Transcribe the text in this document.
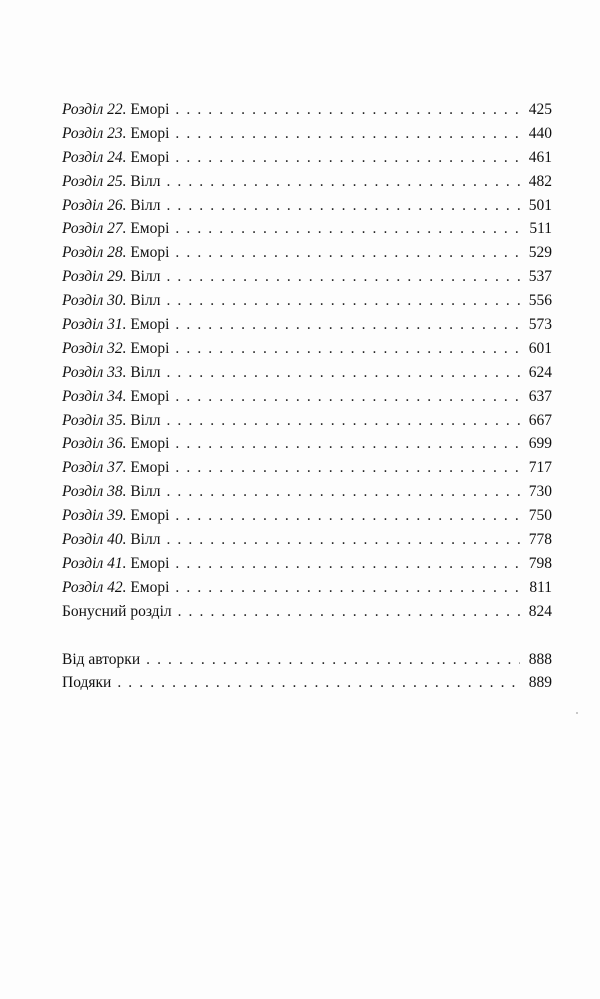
Розділ 22. Еморі . . .	425
Розділ 23. Еморі . . .	440
Розділ 24. Еморі . . .	461
Розділ 25. Вілл . . .	482
Розділ 26. Вілл . . .	501
Розділ 27. Еморі . . .	511
Розділ 28. Еморі . . .	529
Розділ 29. Вілл . . .	537
Розділ 30. Вілл . . .	556
Розділ 31. Еморі . . .	573
Розділ 32. Еморі . . .	601
Розділ 33. Вілл . . .	624
Розділ 34. Еморі . . .	637
Розділ 35. Вілл . . .	667
Розділ 36. Еморі . . .	699
Розділ 37. Еморі . . .	717
Розділ 38. Вілл . . .	730
Розділ 39. Еморі . . .	750
Розділ 40. Вілл . . .	778
Розділ 41. Еморі . . .	798
Розділ 42. Еморі . . .	811
Бонусний розділ . . .	824
Від авторки . . .	888
Подяки . . .	889
